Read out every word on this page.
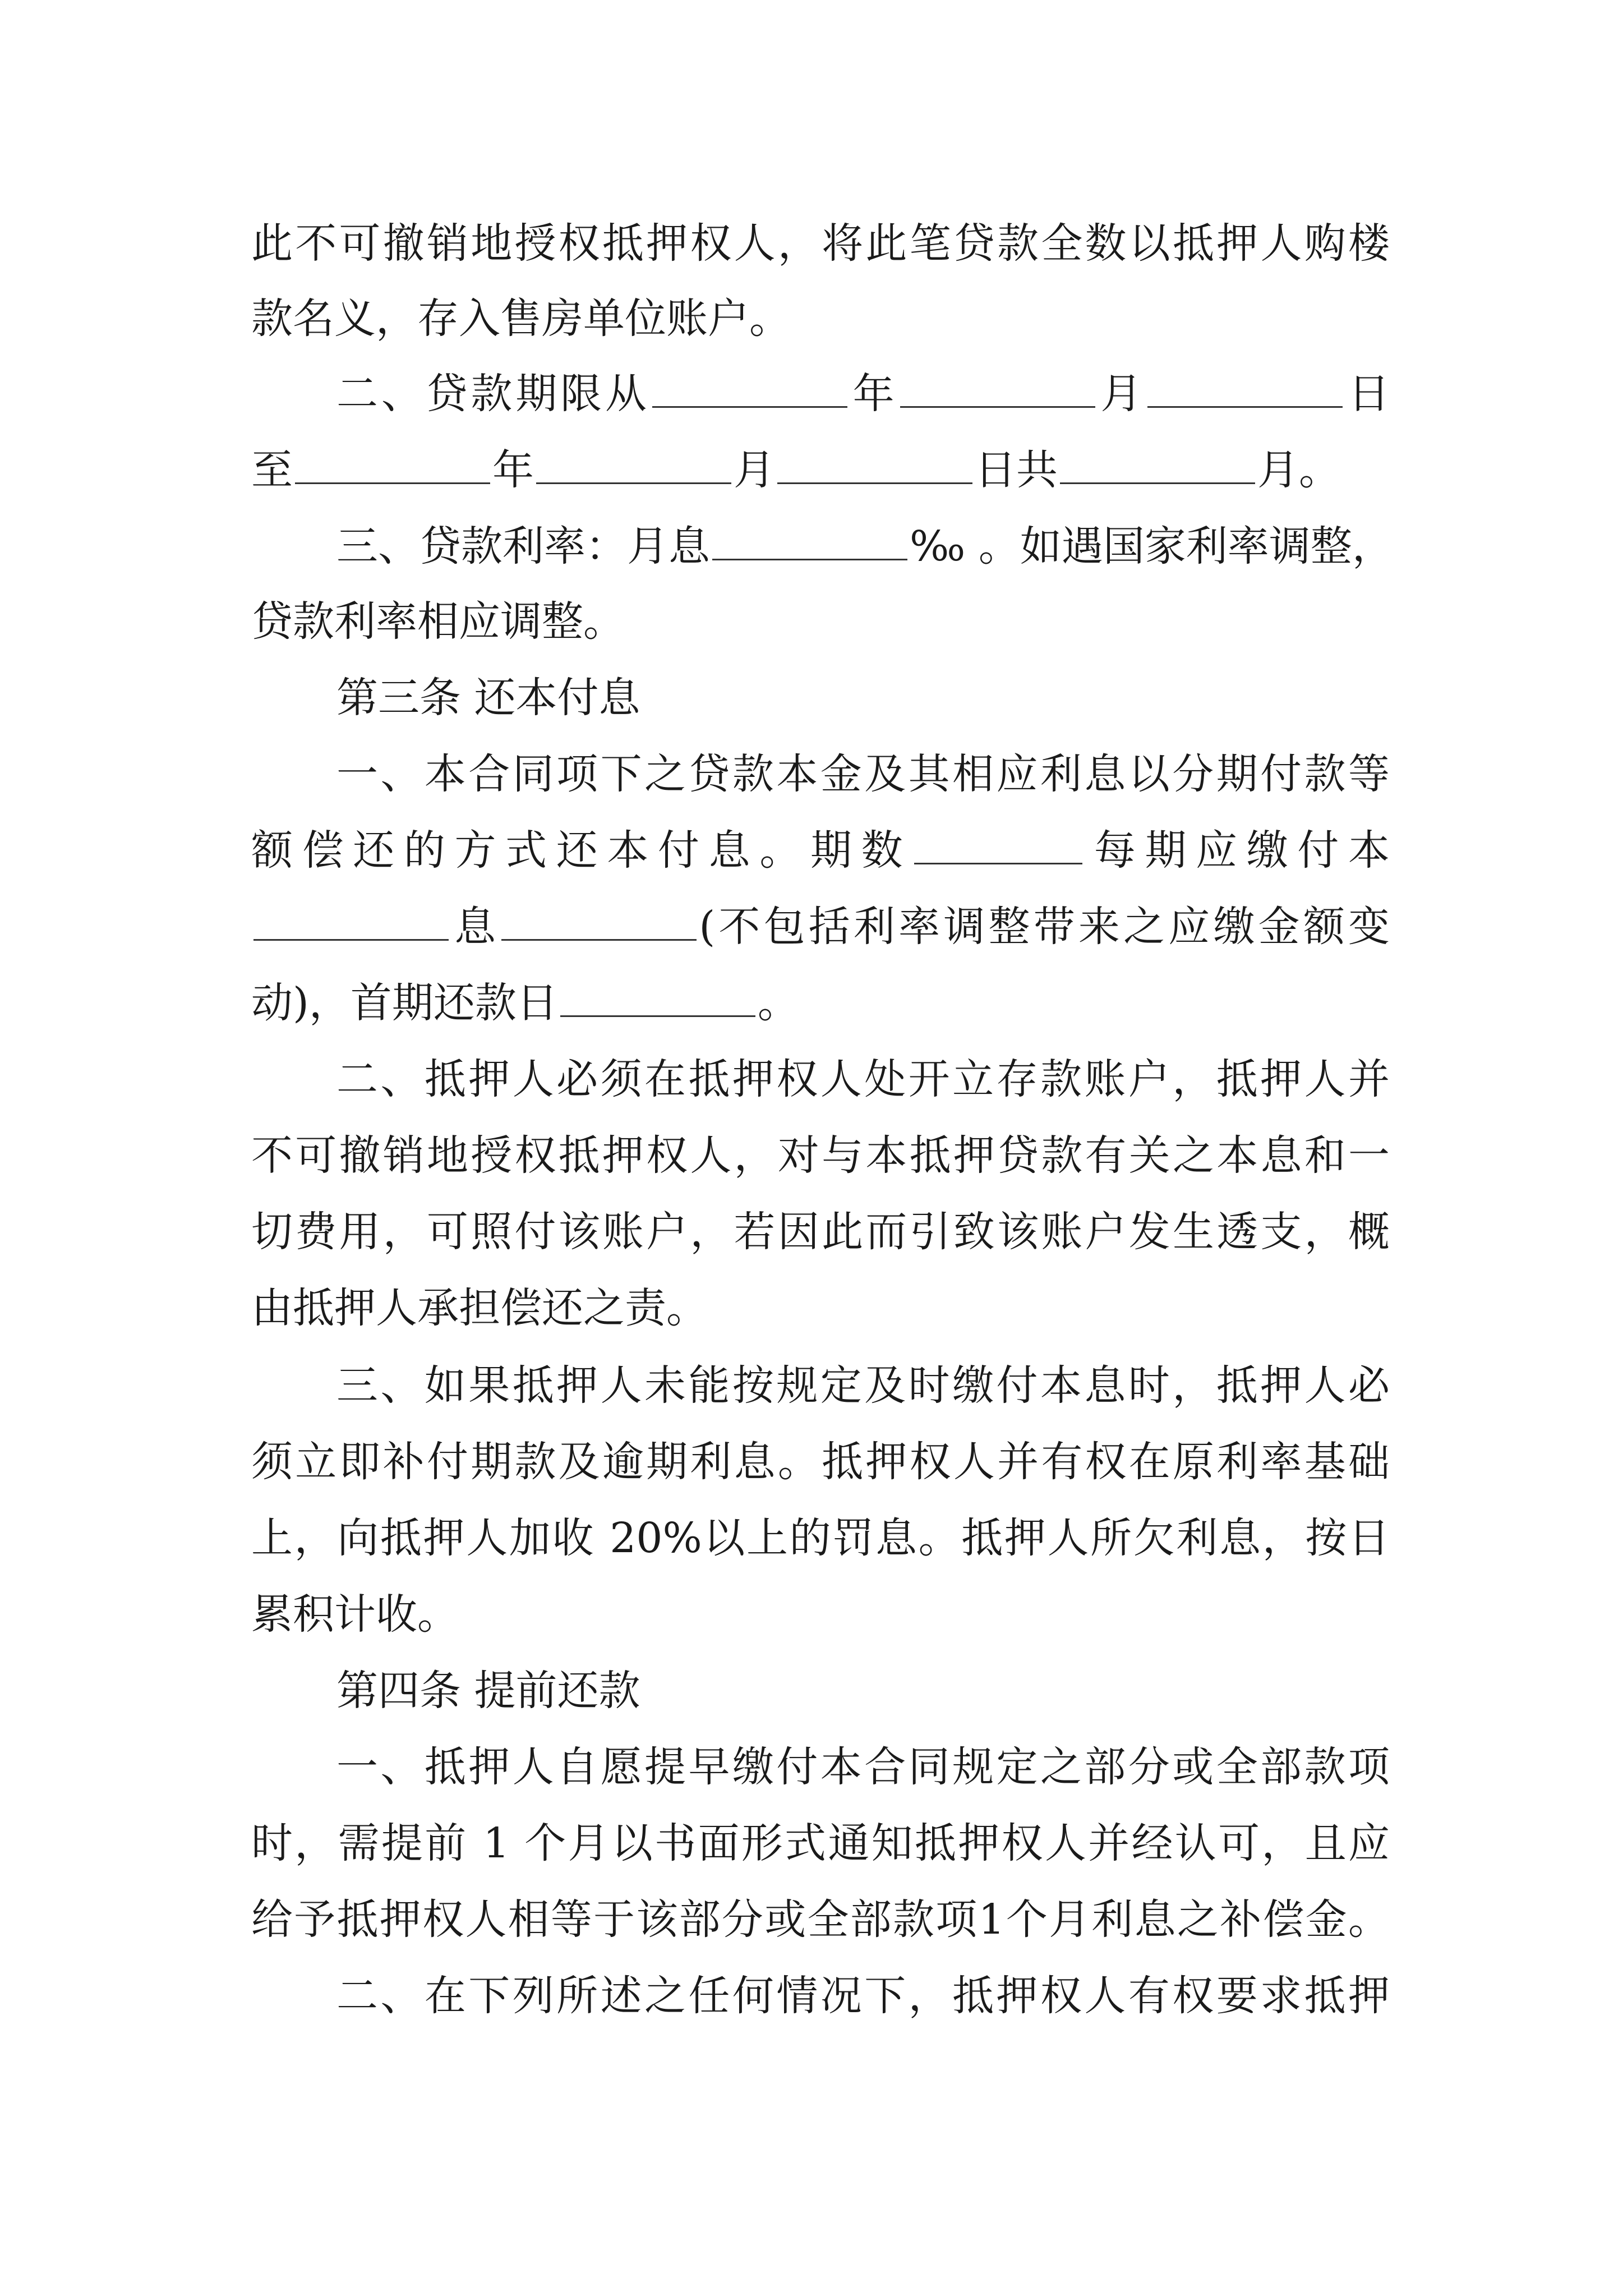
此不可撤销地授权抵押权人，将此笔贷款全数以抵押人购楼
款名义，存入售房单位账户。
二、贷款期限从	年	月	日
至	年	月	日共	月。
三、贷款利率：月息	‰ 。如遇国家利率调整，
贷款利率相应调整。
第三条 还本付息
一、本合同项下之贷款本金及其相应利息以分期付款等
额偿还的方式还本付息。期数	每期应缴付本
息	(不包括利率调整带来之应缴金额变
动)，首期还款日	。
二、抵押人必须在抵押权人处开立存款账户，抵押人并
不可撤销地授权抵押权人，对与本抵押贷款有关之本息和一
切费用，可照付该账户，若因此而引致该账户发生透支，概
由抵押人承担偿还之责。
三、如果抵押人未能按规定及时缴付本息时，抵押人必
须立即补付期款及逾期利息。抵押权人并有权在原利率基础
上，向抵押人加收 20%以上的罚息。抵押人所欠利息，按日
累积计收。
第四条 提前还款
一、抵押人自愿提早缴付本合同规定之部分或全部款项
时，需提前 1 个月以书面形式通知抵押权人并经认可，且应
给予抵押权人相等于该部分或全部款项1个月利息之补偿金。
二、在下列所述之任何情况下，抵押权人有权要求抵押
